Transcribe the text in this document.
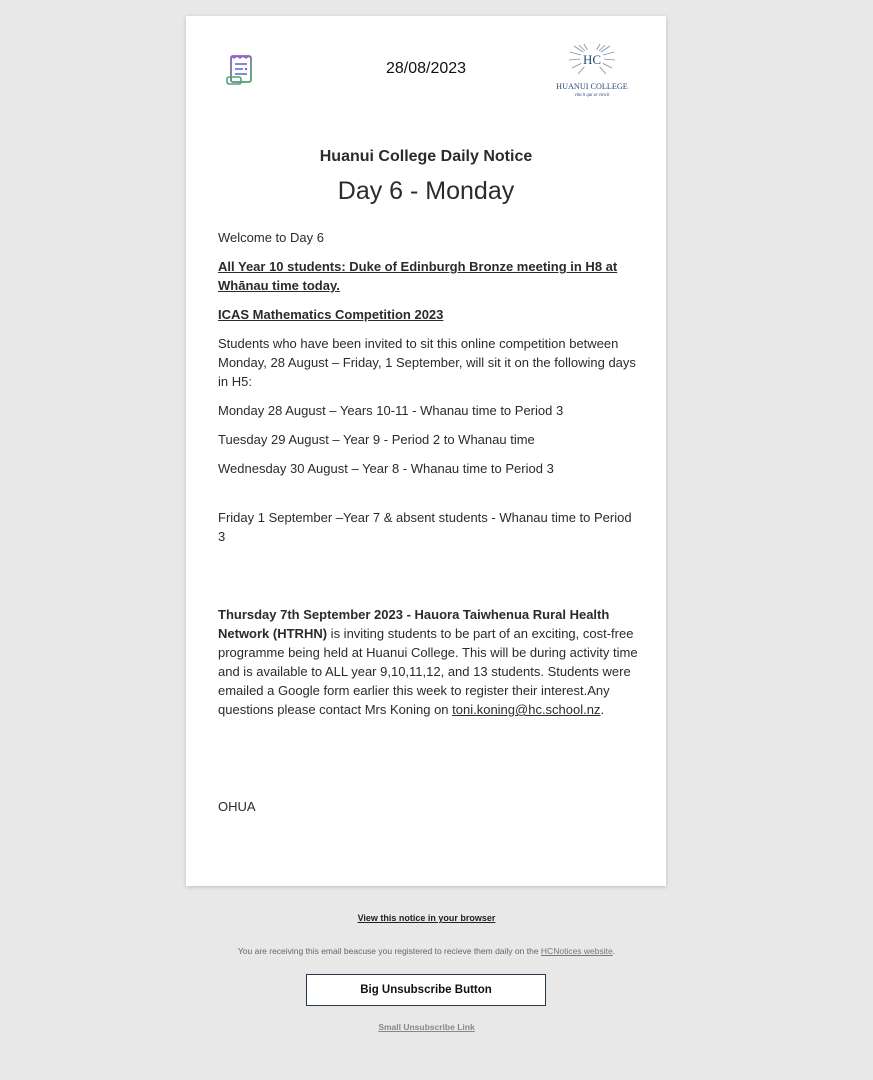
28/08/2023
HC
HUANUI COLLEGE
vincit qui se vincit
Huanui College Daily Notice
Day 6 - Monday

Welcome to Day 6

All Year 10 students: Duke of Edinburgh Bronze meeting in H8 at Whānau time today.

ICAS Mathematics Competition 2023

Students who have been invited to sit this online competition between Monday, 28 August – Friday, 1 September, will sit it on the following days in H5:

Monday 28 August – Years 10-11 - Whanau time to Period 3

Tuesday 29 August – Year 9 - Period 2 to Whanau time

Wednesday 30 August – Year 8 - Whanau time to Period 3

Friday 1 September –Year 7 & absent students - Whanau time to Period 3

Thursday 7th September 2023 - Hauora Taiwhenua Rural Health Network (HTRHN) is inviting students to be part of an exciting, cost-free programme being held at Huanui College. This will be during activity time and is available to ALL year 9,10,11,12, and 13 students. Students were emailed a Google form earlier this week to register their interest.Any questions please contact Mrs Koning on toni.koning@hc.school.nz.

OHUA

View this notice in your browser
You are receiving this email beacuse you registered to recieve them daily on the HCNotices website.
Big Unsubscribe Button
Small Unsubscribe Link
